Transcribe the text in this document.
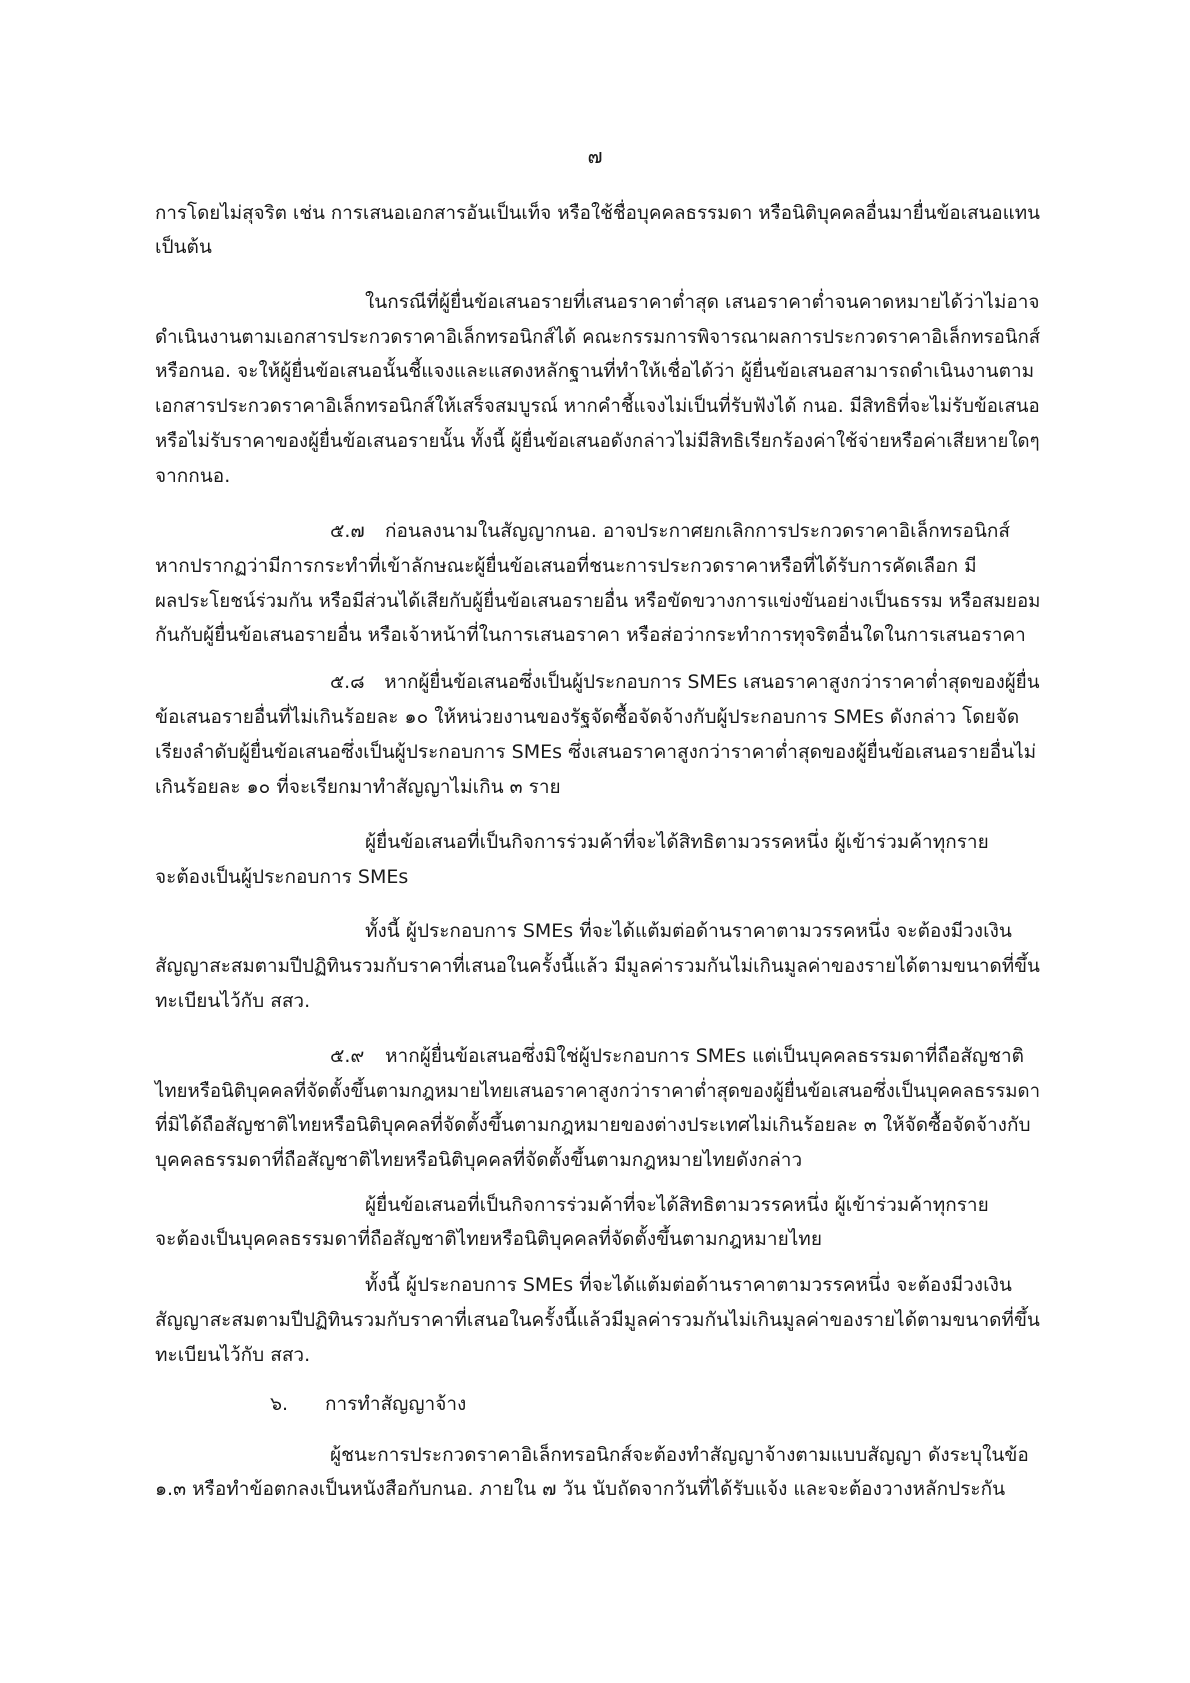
๗
การโดยไม่สุจริต เช่น การเสนอเอกสารอันเป็นเท็จ หรือใช้ชื่อบุคคลธรรมดา หรือนิติบุคคลอื่นมายื่นข้อเสนอแทน
เป็นต้น
ในกรณีที่ผู้ยื่นข้อเสนอรายที่เสนอราคาต่ำสุด เสนอราคาต่ำจนคาดหมายได้ว่าไม่อาจ
ดำเนินงานตามเอกสารประกวดราคาอิเล็กทรอนิกส์ได้ คณะกรรมการพิจารณาผลการประกวดราคาอิเล็กทรอนิกส์
หรือกนอ. จะให้ผู้ยื่นข้อเสนอนั้นชี้แจงและแสดงหลักฐานที่ทำให้เชื่อได้ว่า ผู้ยื่นข้อเสนอสามารถดำเนินงานตาม
เอกสารประกวดราคาอิเล็กทรอนิกส์ให้เสร็จสมบูรณ์ หากคำชี้แจงไม่เป็นที่รับฟังได้ กนอ. มีสิทธิที่จะไม่รับข้อเสนอ
หรือไม่รับราคาของผู้ยื่นข้อเสนอรายนั้น ทั้งนี้ ผู้ยื่นข้อเสนอดังกล่าวไม่มีสิทธิเรียกร้องค่าใช้จ่ายหรือค่าเสียหายใดๆ
จากกนอ.
๕.๗ ก่อนลงนามในสัญญากนอ. อาจประกาศยกเลิกการประกวดราคาอิเล็กทรอนิกส์
หากปรากฏว่ามีการกระทำที่เข้าลักษณะผู้ยื่นข้อเสนอที่ชนะการประกวดราคาหรือที่ได้รับการคัดเลือก มี
ผลประโยชน์ร่วมกัน หรือมีส่วนได้เสียกับผู้ยื่นข้อเสนอรายอื่น หรือขัดขวางการแข่งขันอย่างเป็นธรรม หรือสมยอม
กันกับผู้ยื่นข้อเสนอรายอื่น หรือเจ้าหน้าที่ในการเสนอราคา หรือส่อว่ากระทำการทุจริตอื่นใดในการเสนอราคา
๕.๘ หากผู้ยื่นข้อเสนอซึ่งเป็นผู้ประกอบการ SMEs เสนอราคาสูงกว่าราคาต่ำสุดของผู้ยื่น
ข้อเสนอรายอื่นที่ไม่เกินร้อยละ ๑๐ ให้หน่วยงานของรัฐจัดซื้อจัดจ้างกับผู้ประกอบการ SMEs ดังกล่าว โดยจัด
เรียงลำดับผู้ยื่นข้อเสนอซึ่งเป็นผู้ประกอบการ SMEs ซึ่งเสนอราคาสูงกว่าราคาต่ำสุดของผู้ยื่นข้อเสนอรายอื่นไม่
เกินร้อยละ ๑๐ ที่จะเรียกมาทำสัญญาไม่เกิน ๓ ราย
ผู้ยื่นข้อเสนอที่เป็นกิจการร่วมค้าที่จะได้สิทธิตามวรรคหนึ่ง ผู้เข้าร่วมค้าทุกราย
จะต้องเป็นผู้ประกอบการ SMEs
ทั้งนี้ ผู้ประกอบการ SMEs ที่จะได้แต้มต่อด้านราคาตามวรรคหนึ่ง จะต้องมีวงเงิน
สัญญาสะสมตามปีปฏิทินรวมกับราคาที่เสนอในครั้งนี้แล้ว มีมูลค่ารวมกันไม่เกินมูลค่าของรายได้ตามขนาดที่ขึ้น
ทะเบียนไว้กับ สสว.
๕.๙ หากผู้ยื่นข้อเสนอซึ่งมิใช่ผู้ประกอบการ SMEs แต่เป็นบุคคลธรรมดาที่ถือสัญชาติ
ไทยหรือนิติบุคคลที่จัดตั้งขึ้นตามกฎหมายไทยเสนอราคาสูงกว่าราคาต่ำสุดของผู้ยื่นข้อเสนอซึ่งเป็นบุคคลธรรมดา
ที่มิได้ถือสัญชาติไทยหรือนิติบุคคลที่จัดตั้งขึ้นตามกฎหมายของต่างประเทศไม่เกินร้อยละ ๓ ให้จัดซื้อจัดจ้างกับ
บุคคลธรรมดาที่ถือสัญชาติไทยหรือนิติบุคคลที่จัดตั้งขึ้นตามกฎหมายไทยดังกล่าว
ผู้ยื่นข้อเสนอที่เป็นกิจการร่วมค้าที่จะได้สิทธิตามวรรคหนึ่ง ผู้เข้าร่วมค้าทุกราย
จะต้องเป็นบุคคลธรรมดาที่ถือสัญชาติไทยหรือนิติบุคคลที่จัดตั้งขึ้นตามกฎหมายไทย
ทั้งนี้ ผู้ประกอบการ SMEs ที่จะได้แต้มต่อด้านราคาตามวรรคหนึ่ง จะต้องมีวงเงิน
สัญญาสะสมตามปีปฏิทินรวมกับราคาที่เสนอในครั้งนี้แล้วมีมูลค่ารวมกันไม่เกินมูลค่าของรายได้ตามขนาดที่ขึ้น
ทะเบียนไว้กับ สสว.
๖. การทำสัญญาจ้าง
ผู้ชนะการประกวดราคาอิเล็กทรอนิกส์จะต้องทำสัญญาจ้างตามแบบสัญญา ดังระบุในข้อ
๑.๓ หรือทำข้อตกลงเป็นหนังสือกับกนอ. ภายใน ๗ วัน นับถัดจากวันที่ได้รับแจ้ง และจะต้องวางหลักประกัน
